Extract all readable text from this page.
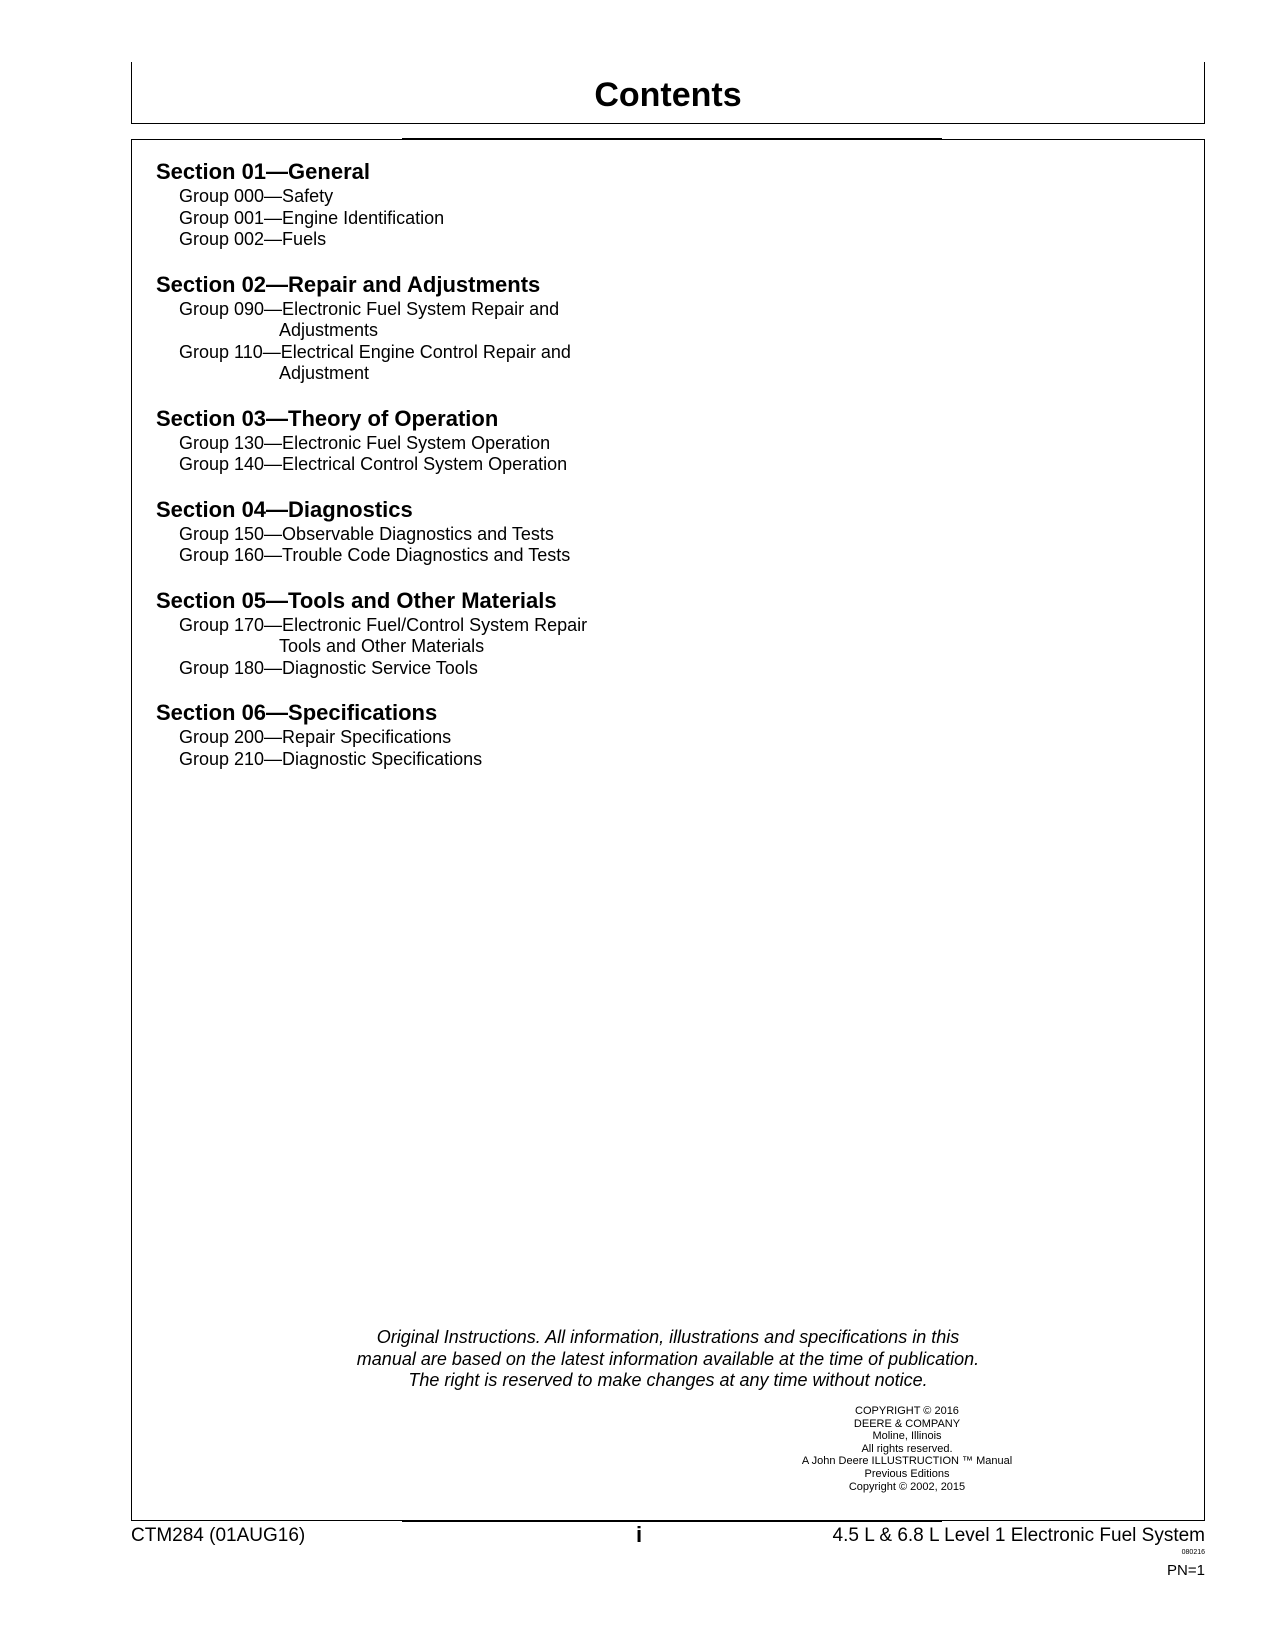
Contents
Section 01—General
Group 000—Safety
Group 001—Engine Identification
Group 002—Fuels
Section 02—Repair and Adjustments
Group 090—Electronic Fuel System Repair and
Adjustments
Group 110—Electrical Engine Control Repair and
Adjustment
Section 03—Theory of Operation
Group 130—Electronic Fuel System Operation
Group 140—Electrical Control System Operation
Section 04—Diagnostics
Group 150—Observable Diagnostics and Tests
Group 160—Trouble Code Diagnostics and Tests
Section 05—Tools and Other Materials
Group 170—Electronic Fuel/Control System Repair
Tools and Other Materials
Group 180—Diagnostic Service Tools
Section 06—Specifications
Group 200—Repair Specifications
Group 210—Diagnostic Specifications
Original Instructions. All information, illustrations and specifications in this
manual are based on the latest information available at the time of publication.
The right is reserved to make changes at any time without notice.
COPYRIGHT © 2016
DEERE & COMPANY
Moline, Illinois
All rights reserved.
A John Deere ILLUSTRUCTION ™ Manual
Previous Editions
Copyright © 2002, 2015
CTM284 (01AUG16)	i	4.5 L & 6.8 L Level 1 Electronic Fuel System
080216
PN=1
